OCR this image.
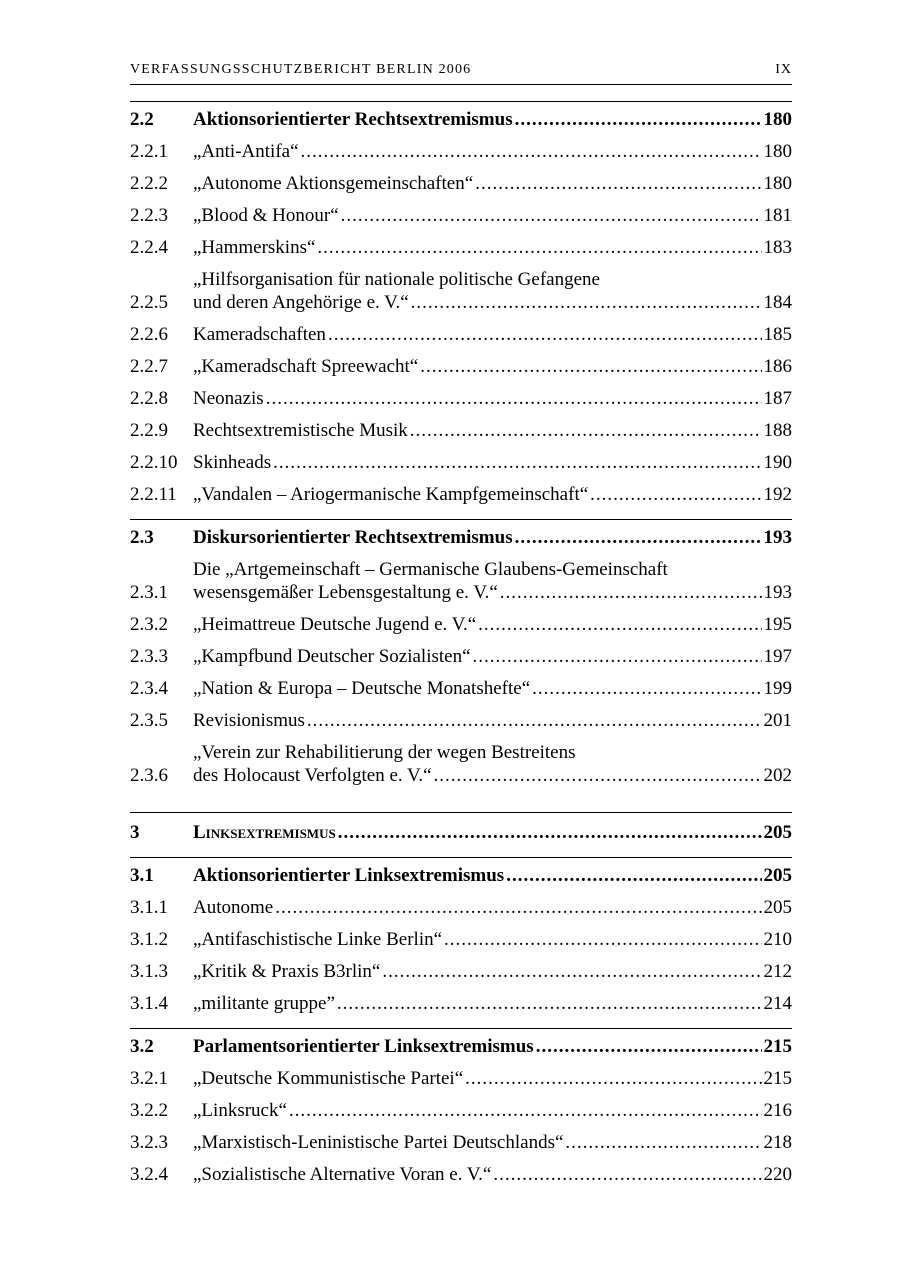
VERFASSUNGSSCHUTZBERICHT BERLIN 2006	IX
2.2	Aktionsorientierter Rechtsextremismus .....	180
2.2.1	„Anti-Antifa“ .....	180
2.2.2	„Autonome Aktionsgemeinschaften“ .....	180
2.2.3	„Blood & Honour“ .....	181
2.2.4	„Hammerskins“ .....	183
2.2.5
„Hilfsorganisation für nationale politische Gefangene
und deren Angehörige e. V.“ .....	184
2.2.6	Kameradschaften .....	185
2.2.7	„Kameradschaft Spreewacht“ .....	186
2.2.8	Neonazis .....	187
2.2.9	Rechtsextremistische Musik .....	188
2.2.10 Skinheads .....	190
2.2.11 „Vandalen – Ariogermanische Kampfgemeinschaft“ .....	192
2.3	Diskursorientierter Rechtsextremismus .....	193
2.3.1
Die „Artgemeinschaft – Germanische Glaubens-Gemeinschaft
wesensgemäßer Lebensgestaltung e. V.“ .....	193
2.3.2	„Heimattreue Deutsche Jugend e. V.“ .....	195
2.3.3	„Kampfbund Deutscher Sozialisten“ .....	197
2.3.4	„Nation & Europa – Deutsche Monatshefte“ .....	199
2.3.5	Revisionismus .....	201
2.3.6
„Verein zur Rehabilitierung der wegen Bestreitens
des Holocaust Verfolgten e. V.“ .....	202
3	Linksextremismus .....	205
3.1	Aktionsorientierter Linksextremismus .....	205
3.1.1	Autonome .....	205
3.1.2	„Antifaschistische Linke Berlin“ .....	210
3.1.3	„Kritik & Praxis B3rlin“ .....	212
3.1.4	„militante gruppe” .....	214
3.2	Parlamentsorientierter Linksextremismus .....	215
3.2.1	„Deutsche Kommunistische Partei“ .....	215
3.2.2	„Linksruck“ .....	216
3.2.3	„Marxistisch-Leninistische Partei Deutschlands“ .....	218
3.2.4	„Sozialistische Alternative Voran e. V.“ .....	220
